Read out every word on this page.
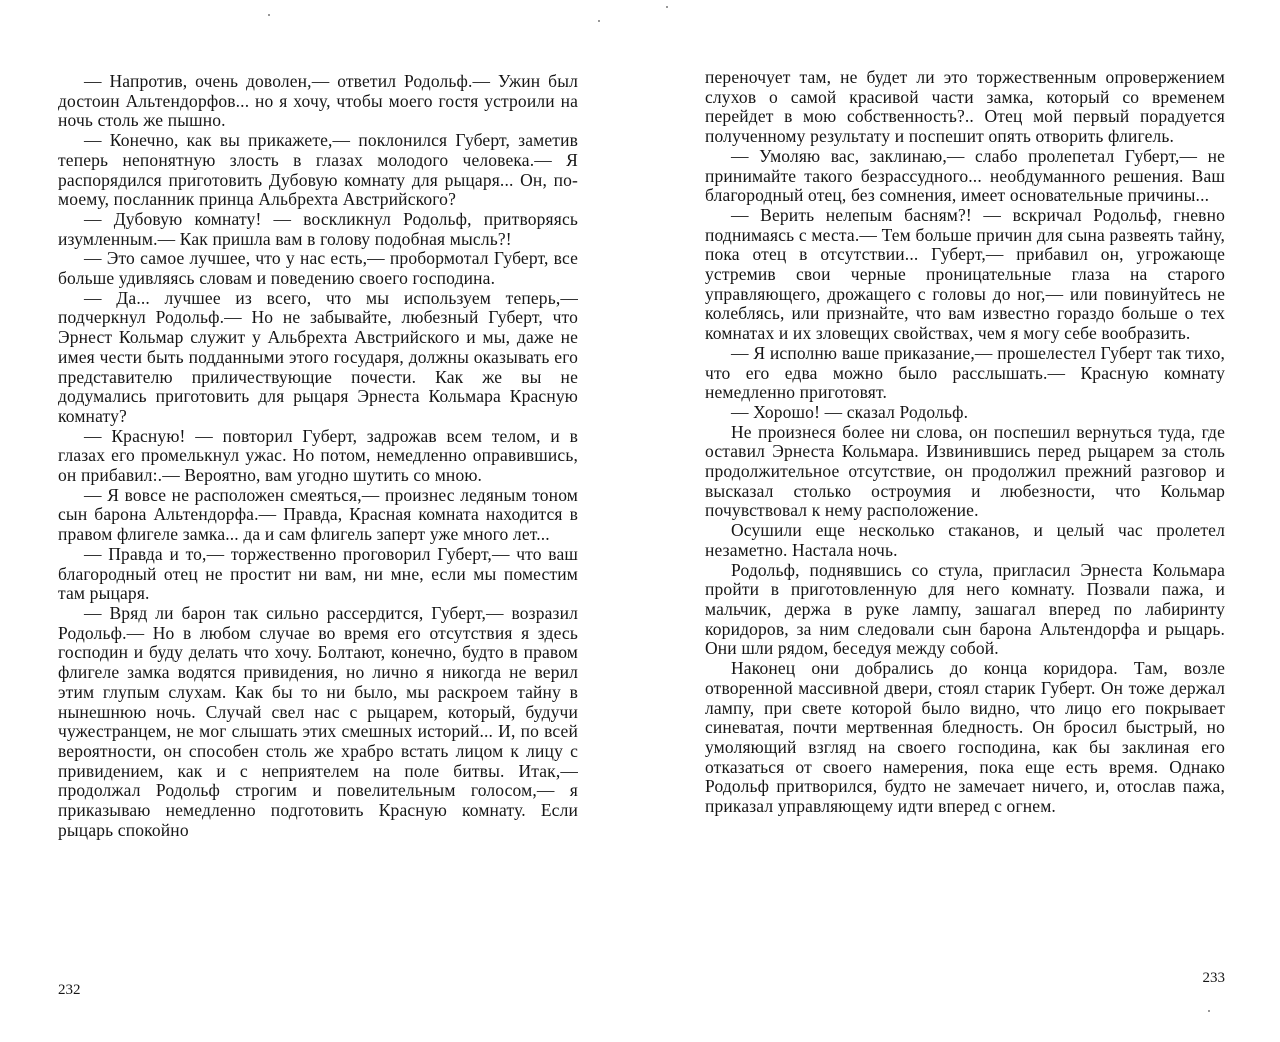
— Напротив, очень доволен,— ответил Родольф.— Ужин был достоин Альтендорфов... но я хочу, чтобы моего гостя устроили на ночь столь же пышно.

— Конечно, как вы прикажете,— поклонился Губерт, заметив теперь непонятную злость в глазах молодого человека.— Я распорядился приготовить Дубовую комнату для рыцаря... Он, по-моему, посланник принца Альбрехта Австрийского?

— Дубовую комнату! — воскликнул Родольф, притворяясь изумленным.— Как пришла вам в голову подобная мысль?!

— Это самое лучшее, что у нас есть,— пробормотал Губерт, все больше удивляясь словам и поведению своего господина.

— Да... лучшее из всего, что мы используем теперь,— подчеркнул Родольф.— Но не забывайте, любезный Губерт, что Эрнест Кольмар служит у Альбрехта Австрийского и мы, даже не имея чести быть подданными этого государя, должны оказывать его представителю приличествующие почести. Как же вы не додумались приготовить для рыцаря Эрнеста Кольмара Красную комнату?

— Красную! — повторил Губерт, задрожав всем телом, и в глазах его промелькнул ужас. Но потом, немедленно оправившись, он прибавил:.— Вероятно, вам угодно шутить со мною.

— Я вовсе не расположен смеяться,— произнес ледяным тоном сын барона Альтендорфа.— Правда, Красная комната находится в правом флигеле замка... да и сам флигель заперт уже много лет...

— Правда и то,— торжественно проговорил Губерт,— что ваш благородный отец не простит ни вам, ни мне, если мы поместим там рыцаря.

— Вряд ли барон так сильно рассердится, Губерт,— возразил Родольф.— Но в любом случае во время его отсутствия я здесь господин и буду делать что хочу. Болтают, конечно, будто в правом флигеле замка водятся привидения, но лично я никогда не верил этим глупым слухам. Как бы то ни было, мы раскроем тайну в нынешнюю ночь. Случай свел нас с рыцарем, который, будучи чужестранцем, не мог слышать этих смешных историй... И, по всей вероятности, он способен столь же храбро встать лицом к лицу с привидением, как и с неприятелем на поле битвы. Итак,— продолжал Родольф строгим и повелительным голосом,— я приказываю немедленно подготовить Красную комнату. Если рыцарь спокойно

232

переночует там, не будет ли это торжественным опровержением слухов о самой красивой части замка, который со временем перейдет в мою собственность?.. Отец мой первый порадуется полученному результату и поспешит опять отворить флигель.

— Умоляю вас, заклинаю,— слабо пролепетал Губерт,— не принимайте такого безрассудного... необдуманного решения. Ваш благородный отец, без сомнения, имеет основательные причины...

— Верить нелепым басням?! — вскричал Родольф, гневно поднимаясь с места.— Тем больше причин для сына развеять тайну, пока отец в отсутствии... Губерт,— прибавил он, угрожающе устремив свои черные проницательные глаза на старого управляющего, дрожащего с головы до ног,— или повинуйтесь не колеблясь, или признайте, что вам известно гораздо больше о тех комнатах и их зловещих свойствах, чем я могу себе вообразить.

— Я исполню ваше приказание,— прошелестел Губерт так тихо, что его едва можно было расслышать.— Красную комнату немедленно приготовят.

— Хорошо! — сказал Родольф.

Не произнеся более ни слова, он поспешил вернуться туда, где оставил Эрнеста Кольмара. Извинившись перед рыцарем за столь продолжительное отсутствие, он продолжил прежний разговор и высказал столько остроумия и любезности, что Кольмар почувствовал к нему расположение.

Осушили еще несколько стаканов, и целый час пролетел незаметно. Настала ночь.

Родольф, поднявшись со стула, пригласил Эрнеста Кольмара пройти в приготовленную для него комнату. Позвали пажа, и мальчик, держа в руке лампу, зашагал вперед по лабиринту коридоров, за ним следовали сын барона Альтендорфа и рыцарь. Они шли рядом, беседуя между собой.

Наконец они добрались до конца коридора. Там, возле отворенной массивной двери, стоял старик Губерт. Он тоже держал лампу, при свете которой было видно, что лицо его покрывает синеватая, почти мертвенная бледность. Он бросил быстрый, но умоляющий взгляд на своего господина, как бы заклиная его отказаться от своего намерения, пока еще есть время. Однако Родольф притворился, будто не замечает ничего, и, отослав пажа, приказал управляющему идти вперед с огнем.

233
